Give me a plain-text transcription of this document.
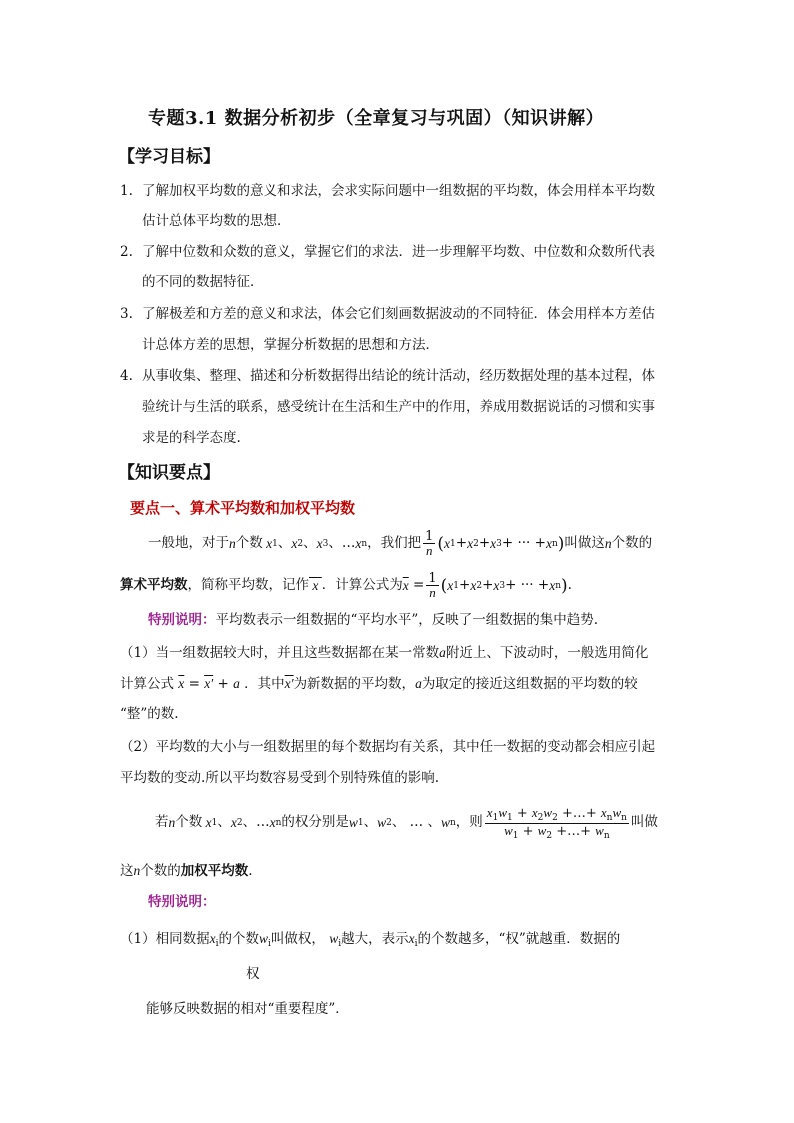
专题3.1 数据分析初步（全章复习与巩固）（知识讲解）
【学习目标】
1. 了解加权平均数的意义和求法，会求实际问题中一组数据的平均数，体会用样本平均数
估计总体平均数的思想．
2. 了解中位数和众数的意义，掌握它们的求法．进一步理解平均数、中位数和众数所代表
的不同的数据特征．
3. 了解极差和方差的意义和求法，体会它们刻画数据波动的不同特征．体会用样本方差估
计总体方差的思想，掌握分析数据的思想和方法．
4. 从事收集、整理、描述和分析数据得出结论的统计活动，经历数据处理的基本过程，体
验统计与生活的联系，感受统计在生活和生产中的作用，养成用数据说话的习惯和实事
求是的科学态度.
【知识要点】
要点一、算术平均数和加权平均数
一般地，对于 n 个数 x 1 、 x 2 、 x 3 、… x n ，我们把 $\frac{1}{n}$ ( x 1 + x 2 + x 3 + ··· + x n ) 叫做这 n 个数的
算术平均数 ，简称平均数，记作 x ．计算公式为 $\overline{x} = \frac{1}{n}$ ( x 1 + x 2 + x 3 + ··· + x n ) .
特别说明：平均数表示一组数据的“平均水平”，反映了一组数据的集中趋势.
（1）当一组数据较大时，并且这些数据都在某一常数a附近上、下波动时，一般选用简化
计算公式 $\overline{x} = x' + a$ ．其中x′为新数据的平均数，a为取定的接近这组数据的平均数的较
“整”的数.
（2）平均数的大小与一组数据里的每个数据均有关系，其中任一数据的变动都会相应引起
平均数的变动.所以平均数容易受到个别特殊值的影响.
若 n 个数 x 1 、 x 2 、… x n 的权分别是 w 1 、 w 2 、 … 、 w n ，则 $\frac{x_1w_1 + x_2w_2 +\dots+ x_nw_n}{w_1 + w_2 +\dots+ w_n}$ 叫做
这n个数的加权平均数.
特别说明：
（1）相同数据$x_i$的个数$w_i$叫做权， $w_i$越大，表示$x_i$的个数越多，“权”就越重．数据的
权
能够反映数据的相对“重要程度”．
